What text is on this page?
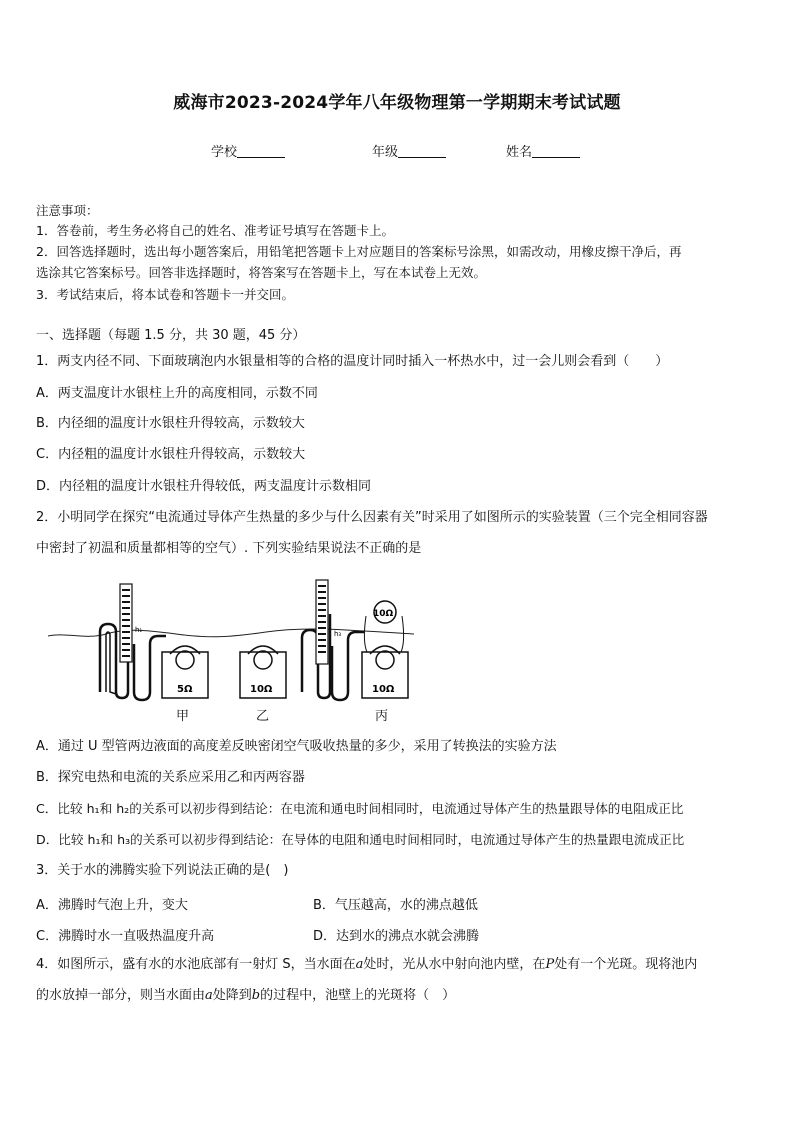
威海市2023-2024学年八年级物理第一学期期末考试试题
学校	年级	姓名
注意事项：
1．答卷前，考生务必将自己的姓名、准考证号填写在答题卡上。
2．回答选择题时，选出每小题答案后，用铅笔把答题卡上对应题目的答案标号涂黑，如需改动，用橡皮擦干净后，再
选涂其它答案标号。回答非选择题时，将答案写在答题卡上，写在本试卷上无效。
3．考试结束后，将本试卷和答题卡一并交回。
一、选择题（每题 1.5 分，共 30 题，45 分）
1．两支内径不同、下面玻璃泡内水银量相等的合格的温度计同时插入一杯热水中，过一会儿则会看到（　　）
A．两支温度计水银柱上升的高度相同，示数不同
B．内径细的温度计水银柱升得较高，示数较大
C．内径粗的温度计水银柱升得较高，示数较大
D．内径粗的温度计水银柱升得较低，两支温度计示数相同
2．小明同学在探究“电流通过导体产生热量的多少与什么因素有关”时采用了如图所示的实验装置（三个完全相同容器
中密封了初温和质量都相等的空气）. 下列实验结果说法不正确的是
h₁
5Ω	10Ω
h₃
10Ω
10Ω
甲	乙	丙
A．通过 U 型管两边液面的高度差反映密闭空气吸收热量的多少，采用了转换法的实验方法
B．探究电热和电流的关系应采用乙和丙两容器
C．比较 h₁和 h₂的关系可以初步得到结论：在电流和通电时间相同时，电流通过导体产生的热量跟导体的电阻成正比
D．比较 h₁和 h₃的关系可以初步得到结论：在导体的电阻和通电时间相同时，电流通过导体产生的热量跟电流成正比
3．关于水的沸腾实验下列说法正确的是(　)
A．沸腾时气泡上升，变大	B．气压越高，水的沸点越低
C．沸腾时水一直吸热温度升高	D．达到水的沸点水就会沸腾
4．如图所示，盛有水的水池底部有一射灯 S，当水面在a处时，光从水中射向池内壁，在P处有一个光斑。现将池内
的水放掉一部分，则当水面由a处降到b的过程中，池壁上的光斑将（　）
